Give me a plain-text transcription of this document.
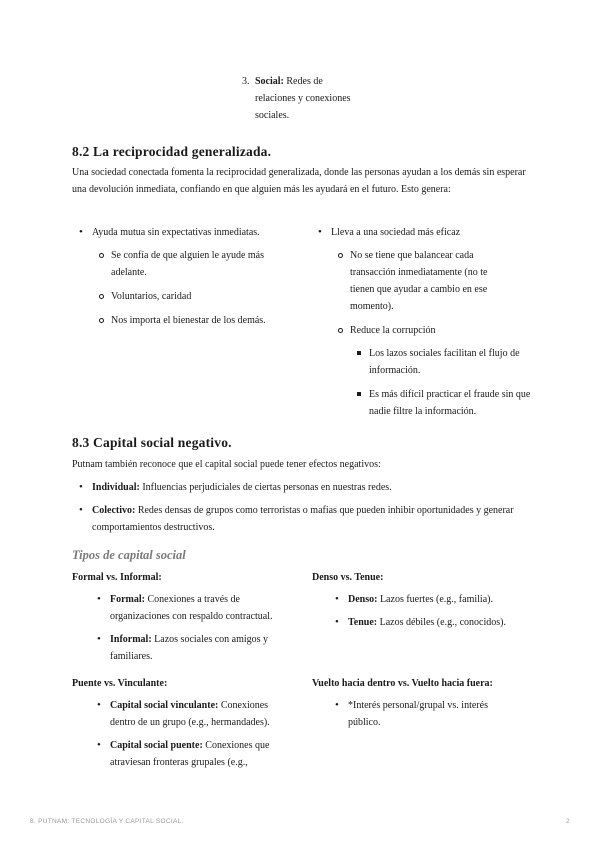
3. Social: Redes de relaciones y conexiones sociales.
8.2 La reciprocidad generalizada.

Una sociedad conectada fomenta la reciprocidad generalizada, donde las personas ayudan a los demás sin esperar una devolución inmediata, confiando en que alguien más les ayudará en el futuro. Esto genera:

• Ayuda mutua sin expectativas inmediatas.
Se confía de que alguien le ayude más adelante.
Voluntarios, caridad
Nos importa el bienestar de los demás.
• Lleva a una sociedad más eficaz
No se tiene que balancear cada transacción inmediatamente (no te tienen que ayudar a cambio en ese momento).
Reduce la corrupción
Los lazos sociales facilitan el flujo de información.
Es más difícil practicar el fraude sin que nadie filtre la información.
8.3 Capital social negativo.

Putnam también reconoce que el capital social puede tener efectos negativos:

• Individual: Influencias perjudiciales de ciertas personas en nuestras redes.
• Colectivo: Redes densas de grupos como terroristas o mafias que pueden inhibir oportunidades y generar comportamientos destructivos.
Tipos de capital social
Formal vs. Informal:
• Formal: Conexiones a través de organizaciones con respaldo contractual.
• Informal: Lazos sociales con amigos y familiares.
Denso vs. Tenue:
• Denso: Lazos fuertes (e.g., familia).
• Tenue: Lazos débiles (e.g., conocidos).
Puente vs. Vinculante:
• Capital social vinculante: Conexiones dentro de un grupo (e.g., hermandades).
• Capital social puente: Conexiones que atraviesan fronteras grupales (e.g.,
Vuelto hacia dentro vs. Vuelto hacia fuera:
• *Interés personal/grupal vs. interés público.
8. PUTNAM: TECNOLOGÍA Y CAPITAL SOCIAL.	2
